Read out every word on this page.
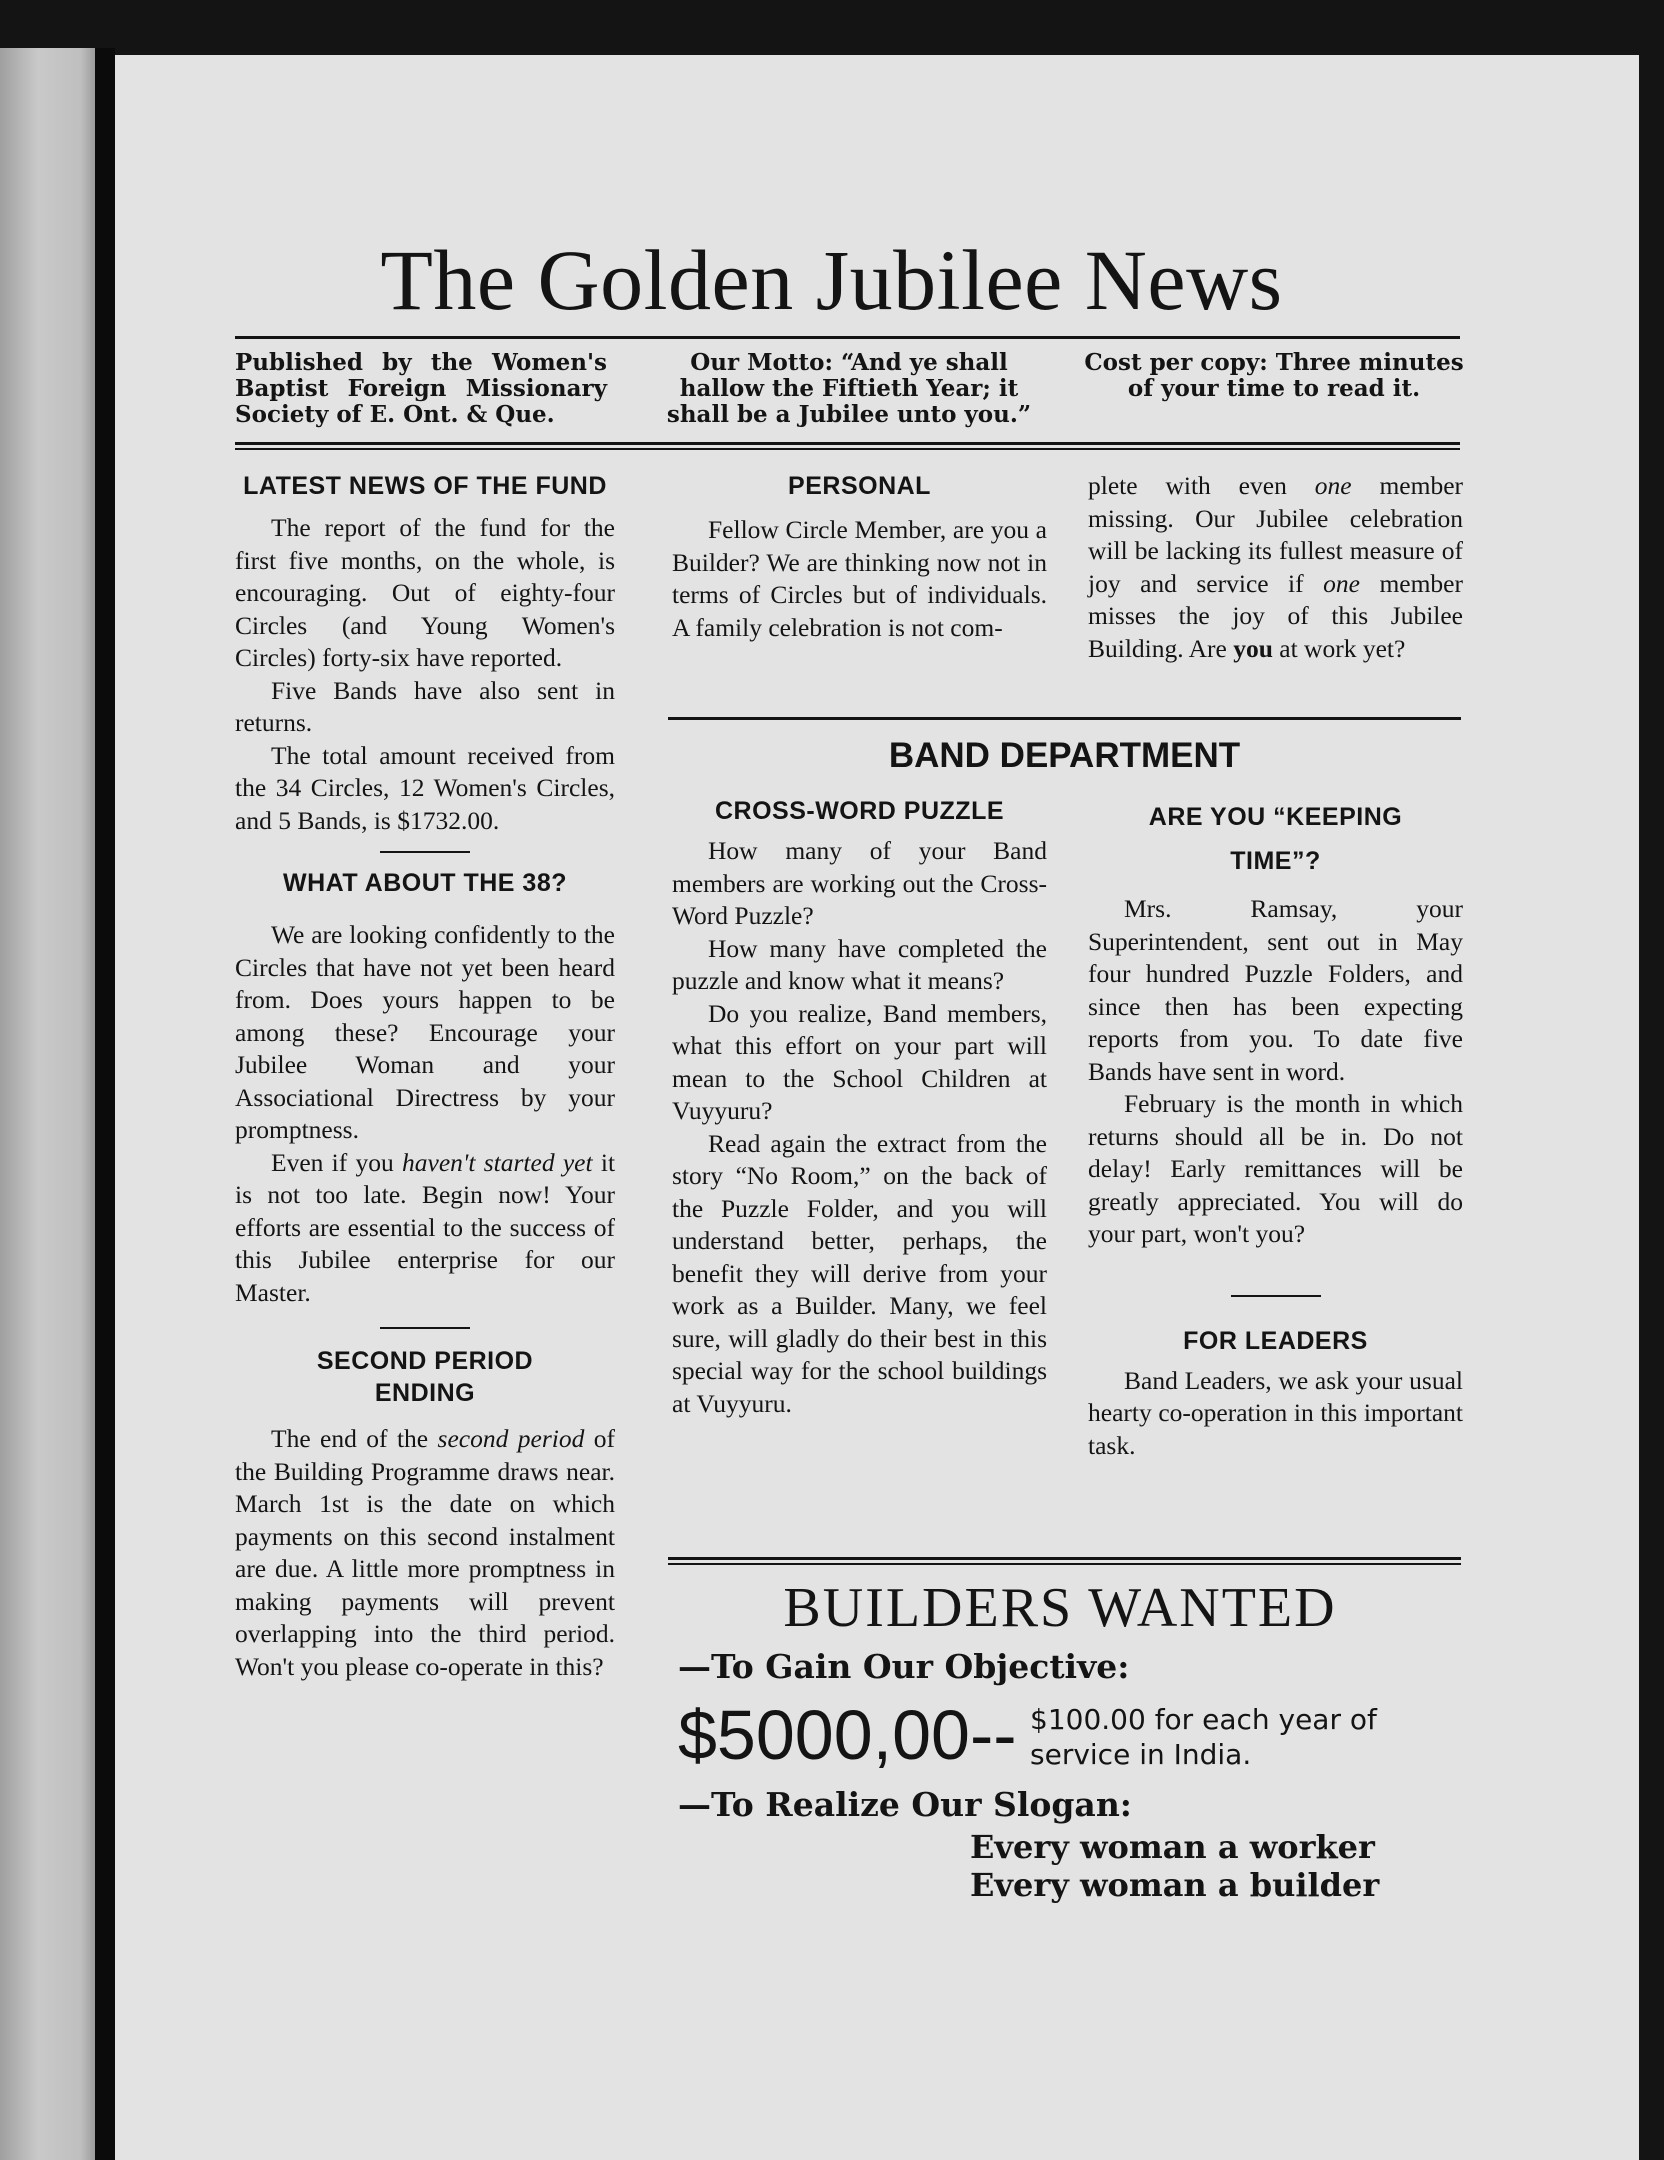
The Golden Jubilee News
Published by the Women's Baptist Foreign Missionary Society of E. Ont. & Que.
Our Motto: “And ye shall hallow the Fiftieth Year; it shall be a Jubilee unto you.”
Cost per copy: Three minutes of your time to read it.
LATEST NEWS OF THE FUND

The report of the fund for the first five months, on the whole, is encouraging. Out of eighty-four Circles (and Young Women's Circles) forty-six have reported.

Five Bands have also sent in returns.

The total amount received from the 34 Circles, 12 Women's Circles, and 5 Bands, is $1732.00.

WHAT ABOUT THE 38?

We are looking confidently to the Circles that have not yet been heard from. Does yours happen to be among these? Encourage your Jubilee Woman and your Associational Directress by your promptness.

Even if you haven't started yet it is not too late. Begin now! Your efforts are essential to the success of this Jubilee enterprise for our Master.

SECOND PERIOD ENDING

The end of the second period of the Building Programme draws near. March 1st is the date on which payments on this second instalment are due. A little more promptness in making payments will prevent overlapping into the third period. Won't you please co-operate in this?

PERSONAL

Fellow Circle Member, are you a Builder? We are thinking now not in terms of Circles but of individuals. A family celebration is not com-

plete with even one member missing. Our Jubilee celebration will be lacking its fullest measure of joy and service if one member misses the joy of this Jubilee Building. Are you at work yet?

BAND DEPARTMENT
CROSS-WORD PUZZLE

How many of your Band members are working out the Cross-Word Puzzle?

How many have completed the puzzle and know what it means?

Do you realize, Band members, what this effort on your part will mean to the School Children at Vuyyuru?

Read again the extract from the story “No Room,” on the back of the Puzzle Folder, and you will understand better, perhaps, the benefit they will derive from your work as a Builder. Many, we feel sure, will gladly do their best in this special way for the school buildings at Vuyyuru.

ARE YOU “KEEPING TIME”?

Mrs. Ramsay, your Superintendent, sent out in May four hundred Puzzle Folders, and since then has been expecting reports from you. To date five Bands have sent in word.

February is the month in which returns should all be in. Do not delay! Early remittances will be greatly appreciated. You will do your part, won't you?

FOR LEADERS

Band Leaders, we ask your usual hearty co-operation in this important task.

BUILDERS WANTED
—To Gain Our Objective:
$5000,00-- $100.00 for each year of service in India.
—To Realize Our Slogan:
Every woman a worker
Every woman a builder
